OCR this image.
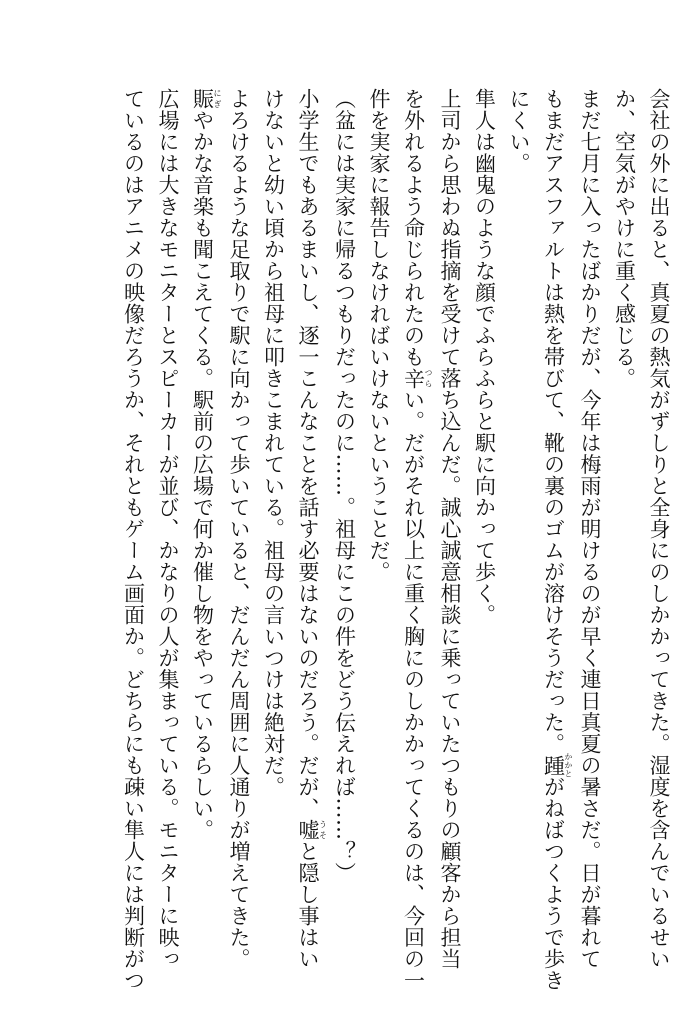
会社の外に出ると、真夏の熱気がずしりと全身にのしかかってきた。湿度を含んでいるせい
か、空気がやけに重く感じる。
まだ七月に入ったばかりだが、今年は梅雨が明けるのが早く連日真夏の暑さだ。日が暮れて
もまだアスファルトは熱を帯びて、靴の裏のゴムが溶けそうだった。踵かかとがねばつくようで歩き
にくい。
隼人は幽鬼のような顔でふらふらと駅に向かって歩く。
上司から思わぬ指摘を受けて落ち込んだ。誠心誠意相談に乗っていたつもりの顧客から担当
を外れるよう命じられたのも辛つらい。だがそれ以上に重く胸にのしかかってくるのは、今回の一
件を実家に報告しなければいけないということだ。
（盆には実家に帰るつもりだったのに……。祖母にこの件をどう伝えれば……？）
小学生でもあるまいし、逐一こんなことを話す必要はないのだろう。だが、嘘うそと隠し事はい
けないと幼い頃から祖母に叩きこまれている。祖母の言いつけは絶対だ。
よろけるような足取りで駅に向かって歩いていると、だんだん周囲に人通りが増えてきた。
賑にぎやかな音楽も聞こえてくる。駅前の広場で何か催し物をやっているらしい。
広場には大きなモニターとスピーカーが並び、かなりの人が集まっている。モニターに映っ
ているのはアニメの映像だろうか、それともゲーム画面か。どちらにも疎い隼人には判断がつ
